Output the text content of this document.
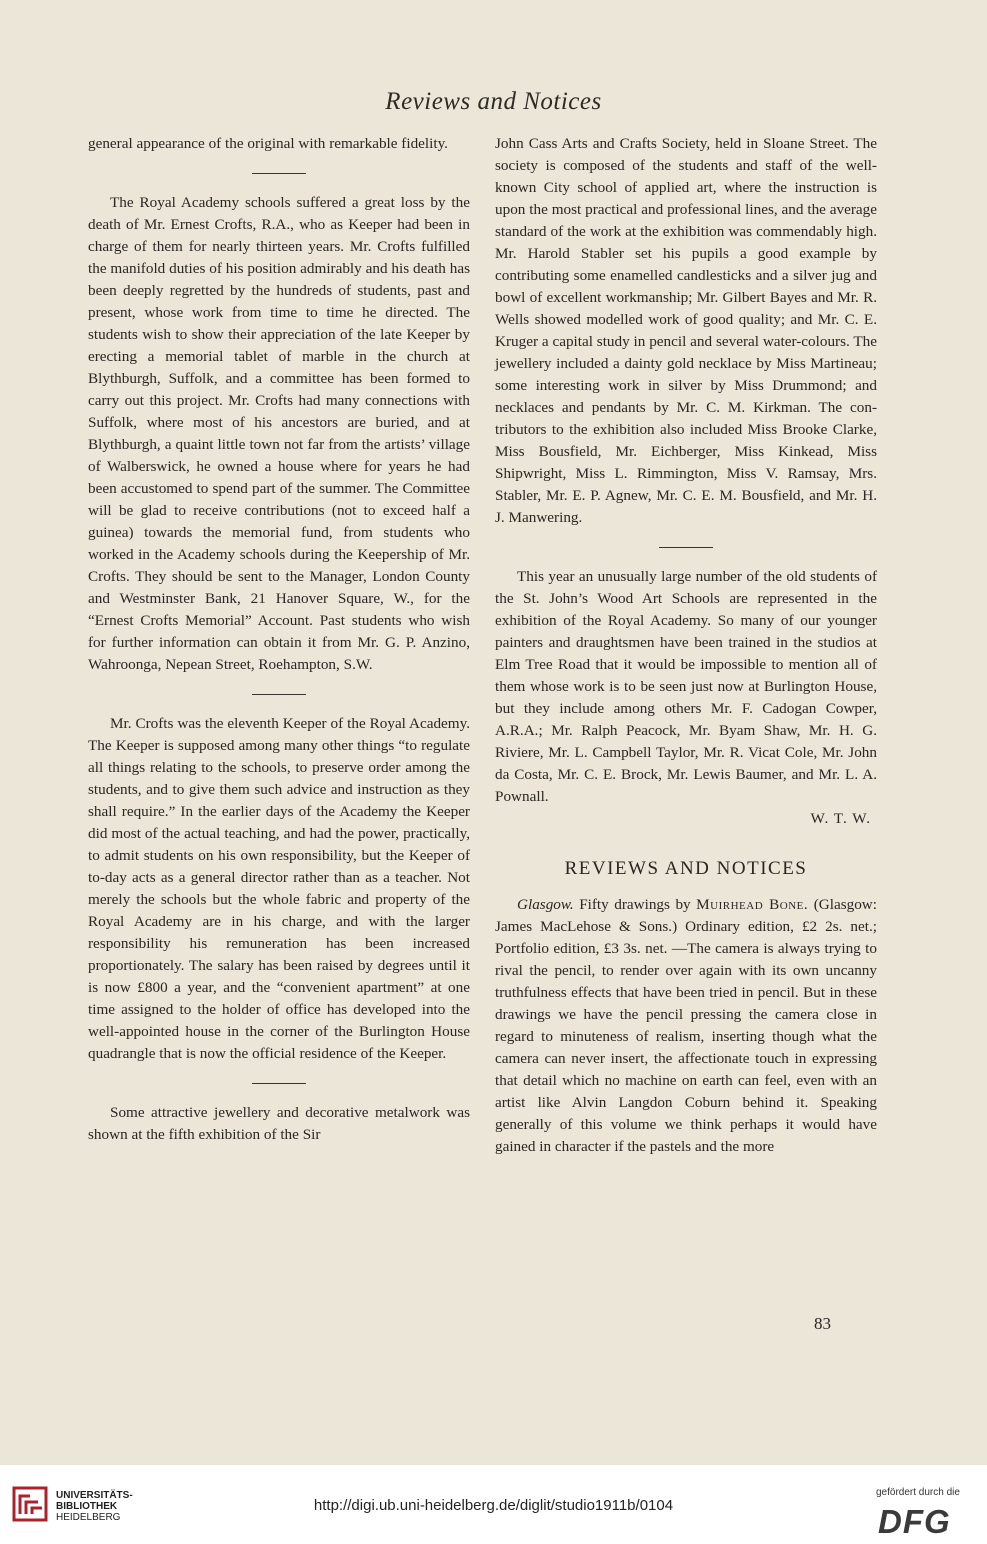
Reviews and Notices

general appearance of the original with remarkable fidelity.

The Royal Academy schools suffered a great loss by the death of Mr. Ernest Crofts, R.A., who as Keeper had been in charge of them for nearly thirteen years. Mr. Crofts fulfilled the manifold duties of his position admirably and his death has been deeply regretted by the hundreds of students, past and present, whose work from time to time he directed. The students wish to show their appreciation of the late Keeper by erecting a memorial tablet of marble in the church at Blythburgh, Suffolk, and a committee has been formed to carry out this project. Mr. Crofts had many connections with Suffolk, where most of his ancestors are buried, and at Blythburgh, a quaint little town not far from the artists’ village of Walberswick, he owned a house where for years he had been accustomed to spend part of the summer. The Committee will be glad to receive contributions (not to exceed half a guinea) towards the memorial fund, from students who worked in the Academy schools during the Keepership of Mr. Crofts. They should be sent to the Manager, London County and Westminster Bank, 21 Hanover Square, W., for the “Ernest Crofts Memorial” Account. Past students who wish for further information can obtain it from Mr. G. P. Anzino, Wahroonga, Nepean Street, Roehampton, S.W.

Mr. Crofts was the eleventh Keeper of the Royal Academy. The Keeper is supposed among many other things “to regulate all things relating to the schools, to preserve order among the students, and to give them such advice and instruction as they shall require.” In the earlier days of the Academy the Keeper did most of the actual teaching, and had the power, practically, to admit students on his own responsibility, but the Keeper of to-day acts as a general director rather than as a teacher. Not merely the schools but the whole fabric and property of the Royal Academy are in his charge, and with the larger responsibility his remuneration has been increased proportionately. The salary has been raised by degrees until it is now £800 a year, and the “convenient apartment” at one time assigned to the holder of office has developed into the well-appointed house in the corner of the Burlington House quadrangle that is now the official residence of the Keeper.

Some attractive jewellery and decorative metalwork was shown at the fifth exhibition of the Sir

John Cass Arts and Crafts Society, held in Sloane Street. The society is composed of the students and staff of the well-known City school of applied art, where the instruction is upon the most practical and professional lines, and the average standard of the work at the exhibition was commendably high. Mr. Harold Stabler set his pupils a good example by contributing some enamelled candlesticks and a silver jug and bowl of excellent workmanship; Mr. Gilbert Bayes and Mr. R. Wells showed modelled work of good quality; and Mr. C. E. Kruger a capital study in pencil and several water-colours. The jewellery included a dainty gold necklace by Miss Martineau; some interesting work in silver by Miss Drummond; and necklaces and pendants by Mr. C. M. Kirkman. The contributors to the exhibition also included Miss Brooke Clarke, Miss Bousfield, Mr. Eichberger, Miss Kinkead, Miss Shipwright, Miss L. Rimmington, Miss V. Ramsay, Mrs. Stabler, Mr. E. P. Agnew, Mr. C. E. M. Bousfield, and Mr. H. J. Manwering.

This year an unusually large number of the old students of the St. John’s Wood Art Schools are represented in the exhibition of the Royal Academy. So many of our younger painters and draughtsmen have been trained in the studios at Elm Tree Road that it would be impossible to mention all of them whose work is to be seen just now at Burlington House, but they include among others Mr. F. Cadogan Cowper, A.R.A.; Mr. Ralph Peacock, Mr. Byam Shaw, Mr. H. G. Riviere, Mr. L. Campbell Taylor, Mr. R. Vicat Cole, Mr. John da Costa, Mr. C. E. Brock, Mr. Lewis Baumer, and Mr. L. A. Pownall.

W. T. W.

REVIEWS AND NOTICES

Glasgow. Fifty drawings by Muirhead Bone. (Glasgow: James MacLehose & Sons.) Ordinary edition, £2 2s. net.; Portfolio edition, £3 3s. net. —The camera is always trying to rival the pencil, to render over again with its own uncanny truthfulness effects that have been tried in pencil. But in these drawings we have the pencil pressing the camera close in regard to minuteness of realism, inserting though what the camera can never insert, the affectionate touch in expressing that detail which no machine on earth can feel, even with an artist like Alvin Langdon Coburn behind it. Speaking generally of this volume we think perhaps it would have gained in character if the pastels and the more

83
UNIVERSITÄTS-
BIBLIOTHEK
HEIDELBERG
http://digi.ub.uni-heidelberg.de/diglit/studio1911b/0104
gefördert durch die
DFG
